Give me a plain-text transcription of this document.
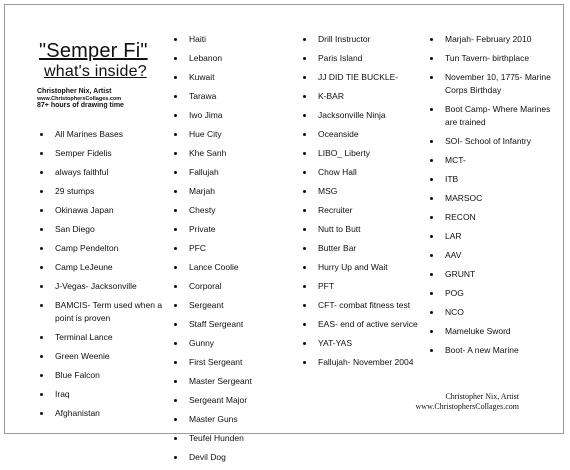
"Semper Fi"
what's inside?
Christopher Nix, Artist
www.ChristophersCollages.com
87+ hours of drawing time
All Marines Bases
Semper Fidelis
always faithful
29 stumps
Okinawa Japan
San Diego
Camp Pendelton
Camp LeJeune
J-Vegas- Jacksonville
BAMCIS- Term used when a point is proven
Terminal Lance
Green Weenie
Blue Falcon
Iraq
Afghanistan
Haiti
Lebanon
Kuwait
Tarawa
Iwo Jima
Hue City
Khe Sanh
Fallujah
Marjah
Chesty
Private
PFC
Lance Coolie
Corporal
Sergeant
Staff Sergeant
Gunny
First Sergeant
Master Sergeant
Sergeant Major
Master Guns
Teufel Hunden
Devil Dog
Drill Instructor
Paris Island
JJ DID TIE BUCKLE-
K-BAR
Jacksonville Ninja
Oceanside
LIBO_ Liberty
Chow Hall
MSG
Recruiter
Nutt to Butt
Butter Bar
Hurry Up and Wait
PFT
CFT- combat fitness test
EAS- end of active service
YAT-YAS
Fallujah- November 2004
Marjah- February 2010
Tun Tavern- birthplace
November 10, 1775- Marine Corps Birthday
Boot Camp- Where Marines are trained
SOI- School of Infantry
MCT-
ITB
MARSOC
RECON
LAR
AAV
GRUNT
POG
NCO
Mameluke Sword
Boot- A new Marine
Christopher Nix, Artist
www.ChristophersCollages.com
